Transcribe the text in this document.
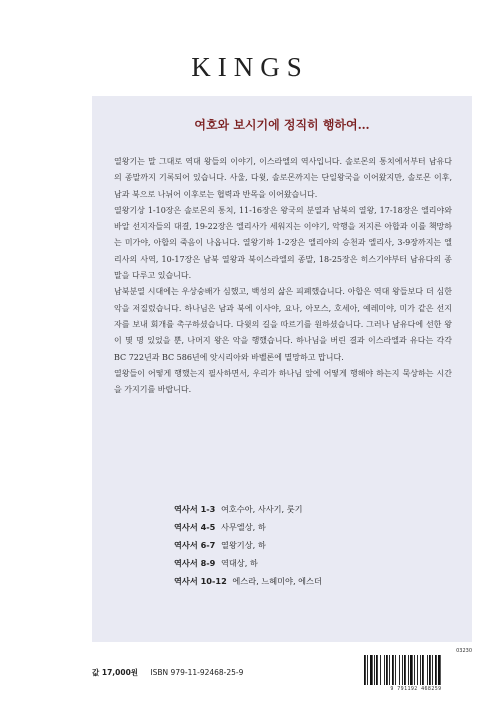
KINGS
여호와 보시기에 정직히 행하여…

열왕기는 말 그대로 역대 왕들의 이야기, 이스라엘의 역사입니다. 솔로몬의 통치에서부터 남유다의 종말까지 기록되어 있습니다. 사울, 다윗, 솔로몬까지는 단일왕국을 이어왔지만, 솔로몬 이후, 남과 북으로 나뉘어 이후로는 협력과 반목을 이어왔습니다.

열왕기상 1-10장은 솔로몬의 통치, 11-16장은 왕국의 분열과 남북의 열왕, 17-18장은 엘리야와 바알 선지자들의 대결, 19-22장은 엘리사가 세워지는 이야기, 악행을 저지른 아합과 이를 책망하는 미가야, 아합의 죽음이 나옵니다. 열왕기하 1-2장은 엘리야의 승천과 엘리사, 3-9장까지는 엘리사의 사역, 10-17장은 남북 열왕과 북이스라엘의 종말, 18-25장은 히스기야부터 남유다의 종말을 다루고 있습니다.

남북분열 시대에는 우상숭배가 심했고, 백성의 삶은 피폐했습니다. 아합은 역대 왕들보다 더 심한 악을 저질렀습니다. 하나님은 남과 북에 이사야, 요나, 아모스, 호세아, 예레미야, 미가 같은 선지자를 보내 회개를 촉구하셨습니다. 다윗의 길을 따르기를 원하셨습니다. 그러나 남유다에 선한 왕이 몇 명 있었을 뿐, 나머지 왕은 악을 행했습니다. 하나님을 버린 결과 이스라엘과 유다는 각각 BC 722년과 BC 586년에 앗시리아와 바벨론에 멸망하고 맙니다.

열왕들이 어떻게 행했는지 필사하면서, 우리가 하나님 앞에 어떻게 행해야 하는지 묵상하는 시간을 가지기를 바랍니다.

역사서 1-3 여호수아, 사사기, 룻기
역사서 4-5 사무엘상, 하
역사서 6-7 열왕기상, 하
역사서 8-9 역대상, 하
역사서 10-12 에스라, 느헤미야, 에스더
값 17,000원 ISBN 979-11-92468-25-9
03230
9 791192 468259
